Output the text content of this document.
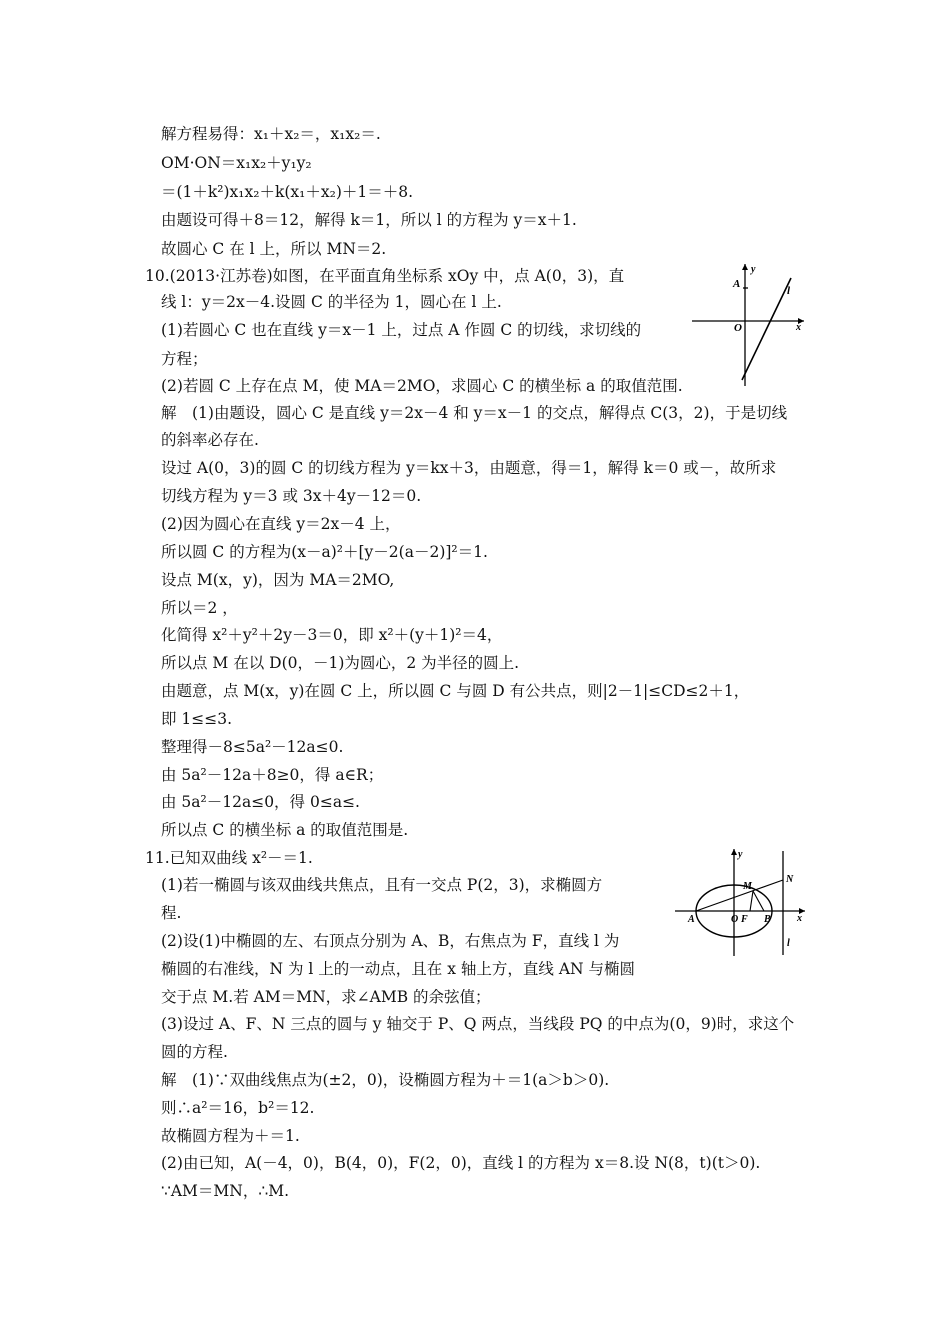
解方程易得：x₁＋x₂＝，x₁x₂＝.
OM·ON＝x₁x₂＋y₁y₂
＝(1＋k²)x₁x₂＋k(x₁＋x₂)＋1＝＋8.
由题设可得＋8＝12，解得 k＝1，所以 l 的方程为 y＝x＋1.
故圆心 C 在 l 上，所以 MN＝2.
10.(2013·江苏卷)如图，在平面直角坐标系 xOy 中，点 A(0，3)，直
线 l：y＝2x－4.设圆 C 的半径为 1，圆心在 l 上.
(1)若圆心 C 也在直线 y＝x－1 上，过点 A 作圆 C 的切线，求切线的
方程；
(2)若圆 C 上存在点 M，使 MA＝2MO，求圆心 C 的横坐标 a 的取值范围.
解　(1)由题设，圆心 C 是直线 y＝2x－4 和 y＝x－1 的交点，解得点 C(3，2)，于是切线
的斜率必存在.
设过 A(0，3)的圆 C 的切线方程为 y＝kx＋3，由题意，得＝1，解得 k＝0 或－，故所求
切线方程为 y＝3 或 3x＋4y－12＝0.
(2)因为圆心在直线 y＝2x－4 上，
所以圆 C 的方程为(x－a)²＋[y－2(a－2)]²＝1.
设点 M(x，y)，因为 MA＝2MO,
所以＝2 ，
化简得 x²＋y²＋2y－3＝0，即 x²＋(y＋1)²＝4，
所以点 M 在以 D(0，－1)为圆心，2 为半径的圆上.
由题意，点 M(x，y)在圆 C 上，所以圆 C 与圆 D 有公共点，则|2－1|≤CD≤2＋1，
即 1≤≤3.
整理得－8≤5a²－12a≤0.
由 5a²－12a＋8≥0，得 a∈R；
由 5a²－12a≤0，得 0≤a≤.
所以点 C 的横坐标 a 的取值范围是.
11.已知双曲线 x²－＝1.
(1)若一椭圆与该双曲线共焦点，且有一交点 P(2，3)，求椭圆方
程.
(2)设(1)中椭圆的左、右顶点分别为 A、B，右焦点为 F，直线 l 为
椭圆的右准线，N 为 l 上的一动点，且在 x 轴上方，直线 AN 与椭圆
交于点 M.若 AM＝MN，求∠AMB 的余弦值；
(3)设过 A、F、N 三点的圆与 y 轴交于 P、Q 两点，当线段 PQ 的中点为(0，9)时，求这个
圆的方程.
解　(1)∵双曲线焦点为(±2，0)，设椭圆方程为＋＝1(a＞b＞0).
则∴a²＝16，b²＝12.
故椭圆方程为＋＝1.
(2)由已知，A(－4，0)，B(4，0)，F(2，0)，直线 l 的方程为 x＝8.设 N(8，t)(t＞0).
∵AM＝MN，∴M.
A
y
x
O
l
M
N
A	O F B	x
y
l
